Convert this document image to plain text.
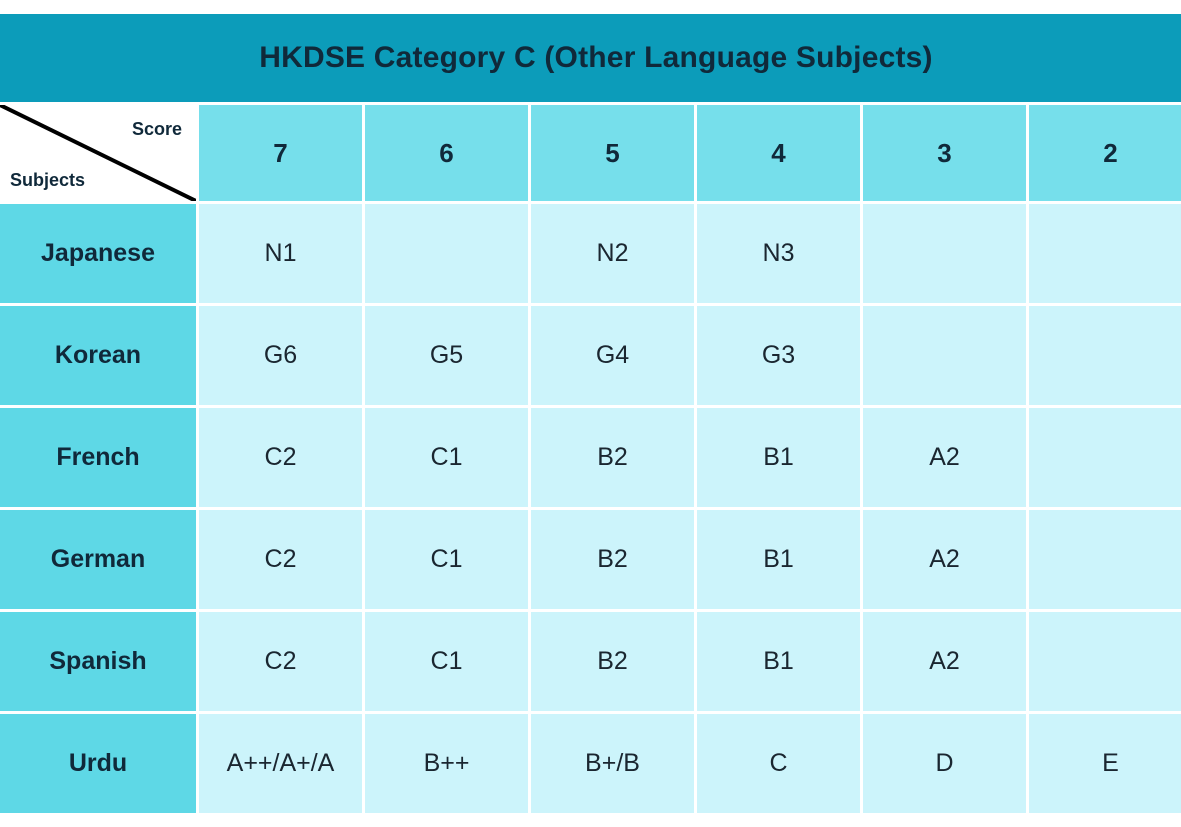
HKDSE Category C (Other Language Subjects)						

Score
Subjects	7	6	5	4	3	2
Japanese	N1		N2	N3		
Korean	G6	G5	G4	G3		
French	C2	C1	B2	B1	A2	
German	C2	C1	B2	B1	A2	
Spanish	C2	C1	B2	B1	A2	
Urdu	A++/A+/A	B++	B+/B	C	D	E
